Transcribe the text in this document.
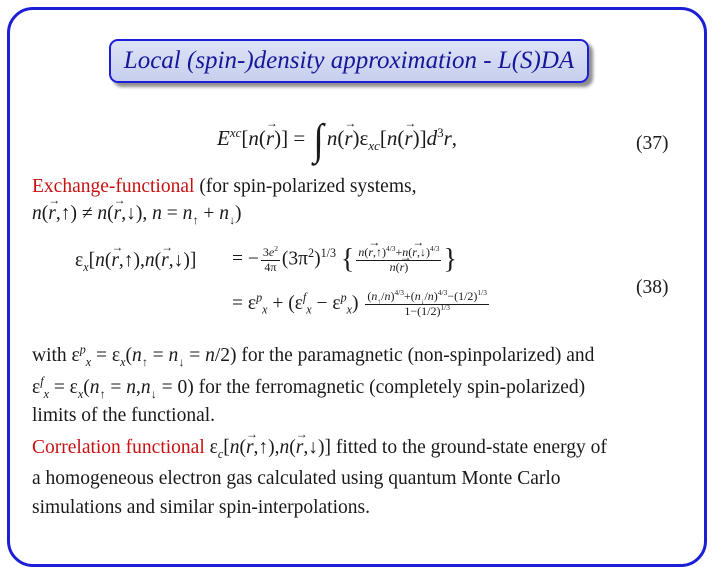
Local (spin-)density approximation - L(S)DA
$E^{xc}[n(\to r)]$ = ∫ $n(\to r)\varepsilon_{xc}[n(\to r)]d^3r$,	(37)
Exchange-functional (for spin-polarized systems,
n(→ r,↑) ≠ n(→ r,↓), $n = n_↑ + n_↓$)
$\varepsilon_x[n(\to$ r,↑),n(→ r,↓)] = − $\frac{3e^2}{4\pi} (3\pi^2)^{1/3}$ { $\frac{n(\to r,↑)^{4/3}+n(\to r,↓)^{4/3}}{n(\to r)}$ }
= $\varepsilon^p_x + (\varepsilon^f_x - \varepsilon^p_x) \frac{(n_↑/n)^{4/3}+(n_↓/n)^{4/3}-(1/2)^{1/3}}{1-(1/2)^{1/3}}$
(38)
with $\varepsilon^p_x = \varepsilon_x(n_↑ = n_↓ = n/2)$ for the paramagnetic (non-spinpolarized) and
$\varepsilon^f_x = \varepsilon_x(n_↑ = n,n_↓ = 0)$ for the ferromagnetic (completely spin-polarized)
limits of the functional.
Correlation functional $\varepsilon_c[n(\to$ r,↑),n(→ r,↓)] fitted to the ground-state energy of
a homogeneous electron gas calculated using quantum Monte Carlo
simulations and similar spin-interpolations.
